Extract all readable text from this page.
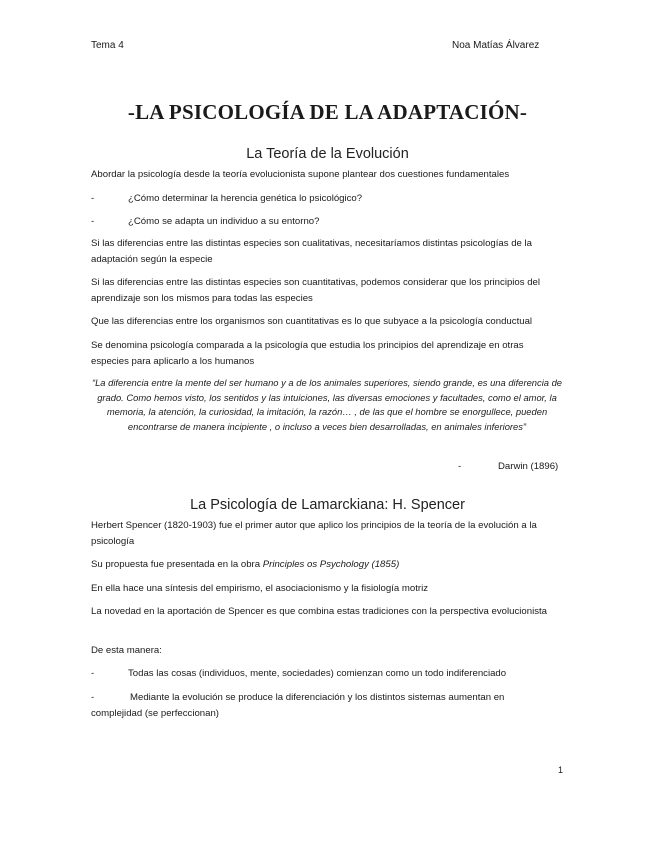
Tema 4	Noa Matías Álvarez
-LA PSICOLOGÍA DE LA ADAPTACIÓN-
La Teoría de la Evolución

Abordar la psicología desde la teoría evolucionista supone plantear dos cuestiones fundamentales

-	¿Cómo determinar la herencia genética lo psicológico?
-	¿Cómo se adapta un individuo a su entorno?

Si las diferencias entre las distintas especies son cualitativas, necesitaríamos distintas psicologías de la adaptación según la especie

Si las diferencias entre las distintas especies son cuantitativas, podemos considerar que los principios del aprendizaje son los mismos para todas las especies

Que las diferencias entre los organismos son cuantitativas es lo que subyace a la psicología conductual

Se denomina psicología comparada a la psicología que estudia los principios del aprendizaje en otras especies para aplicarlo a los humanos

“La diferencia entre la mente del ser humano y a de los animales superiores, siendo grande, es una diferencia de grado. Como hemos visto, los sentidos y las intuiciones, las diversas emociones y facultades, como el amor, la memoria, la atención, la curiosidad, la imitación, la razón… , de las que el hombre se enorgullece, pueden encontrarse de manera incipiente , o incluso a veces bien desarrolladas, en animales inferiores”
-	Darwin (1896)
La Psicología de Lamarckiana: H. Spencer

Herbert Spencer (1820-1903) fue el primer autor que aplico los principios de la teoría de la evolución a la psicología

Su propuesta fue presentada en la obra Principles os Psychology (1855)

En ella hace una síntesis del empirismo, el asociacionismo y la fisiología motriz

La novedad en la aportación de Spencer es que combina estas tradiciones con la perspectiva evolucionista

De esta manera:

-	Todas las cosas (individuos, mente, sociedades) comienzan como un todo indiferenciado
-	Mediante la evolución se produce la diferenciación y los distintos sistemas aumentan en complejidad (se perfeccionan)
1
